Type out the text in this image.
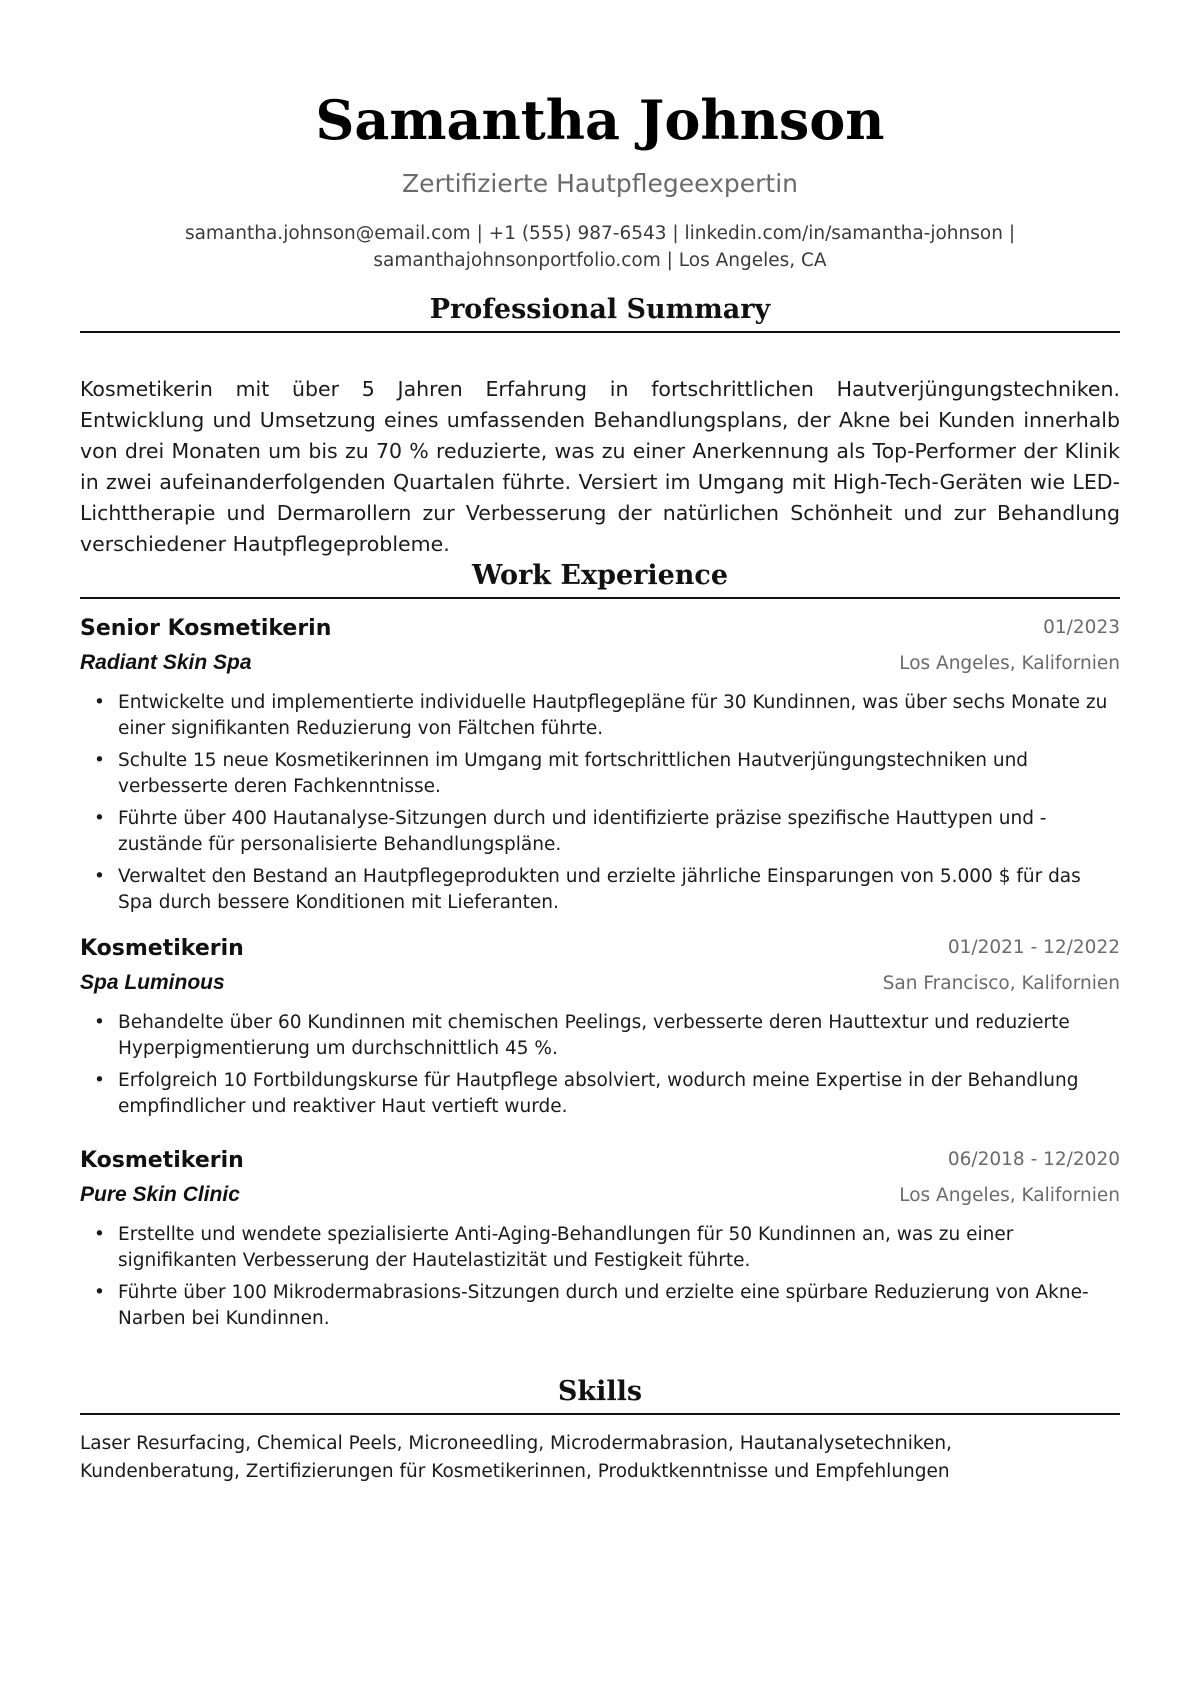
Samantha Johnson
Zertifizierte Hautpflegeexpertin
samantha.johnson@email.com | +1 (555) 987-6543 | linkedin.com/in/samantha-johnson |
samanthajohnsonportfolio.com | Los Angeles, CA
Professional Summary
Kosmetikerin mit über 5 Jahren Erfahrung in fortschrittlichen Hautverjüngungstechniken. Entwicklung und Umsetzung eines umfassenden Behandlungsplans, der Akne bei Kunden innerhalb von drei Monaten um bis zu 70 % reduzierte, was zu einer Anerkennung als Top-Performer der Klinik in zwei aufeinanderfolgenden Quartalen führte. Versiert im Umgang mit High-Tech-Geräten wie LED-Lichttherapie und Dermarollern zur Verbesserung der natürlichen Schönheit und zur Behandlung verschiedener Hautpflegeprobleme.
Work Experience
Senior Kosmetikerin	01/2023
Radiant Skin Spa	Los Angeles, Kalifornien
• Entwickelte und implementierte individuelle Hautpflegepläne für 30 Kundinnen, was über sechs Monate zu einer signifikanten Reduzierung von Fältchen führte.
• Schulte 15 neue Kosmetikerinnen im Umgang mit fortschrittlichen Hautverjüngungstechniken und verbesserte deren Fachkenntnisse.
• Führte über 400 Hautanalyse-Sitzungen durch und identifizierte präzise spezifische Hauttypen und -zustände für personalisierte Behandlungspläne.
• Verwaltet den Bestand an Hautpflegeprodukten und erzielte jährliche Einsparungen von 5.000 $ für das Spa durch bessere Konditionen mit Lieferanten.
Kosmetikerin	01/2021 - 12/2022
Spa Luminous	San Francisco, Kalifornien
• Behandelte über 60 Kundinnen mit chemischen Peelings, verbesserte deren Hauttextur und reduzierte Hyperpigmentierung um durchschnittlich 45 %.
• Erfolgreich 10 Fortbildungskurse für Hautpflege absolviert, wodurch meine Expertise in der Behandlung empfindlicher und reaktiver Haut vertieft wurde.
Kosmetikerin	06/2018 - 12/2020
Pure Skin Clinic	Los Angeles, Kalifornien
• Erstellte und wendete spezialisierte Anti-Aging-Behandlungen für 50 Kundinnen an, was zu einer signifikanten Verbesserung der Hautelastizität und Festigkeit führte.
• Führte über 100 Mikrodermabrasions-Sitzungen durch und erzielte eine spürbare Reduzierung von Akne-Narben bei Kundinnen.
Skills
Laser Resurfacing, Chemical Peels, Microneedling, Microdermabrasion, Hautanalysetechniken,
Kundenberatung, Zertifizierungen für Kosmetikerinnen, Produktkenntnisse und Empfehlungen
